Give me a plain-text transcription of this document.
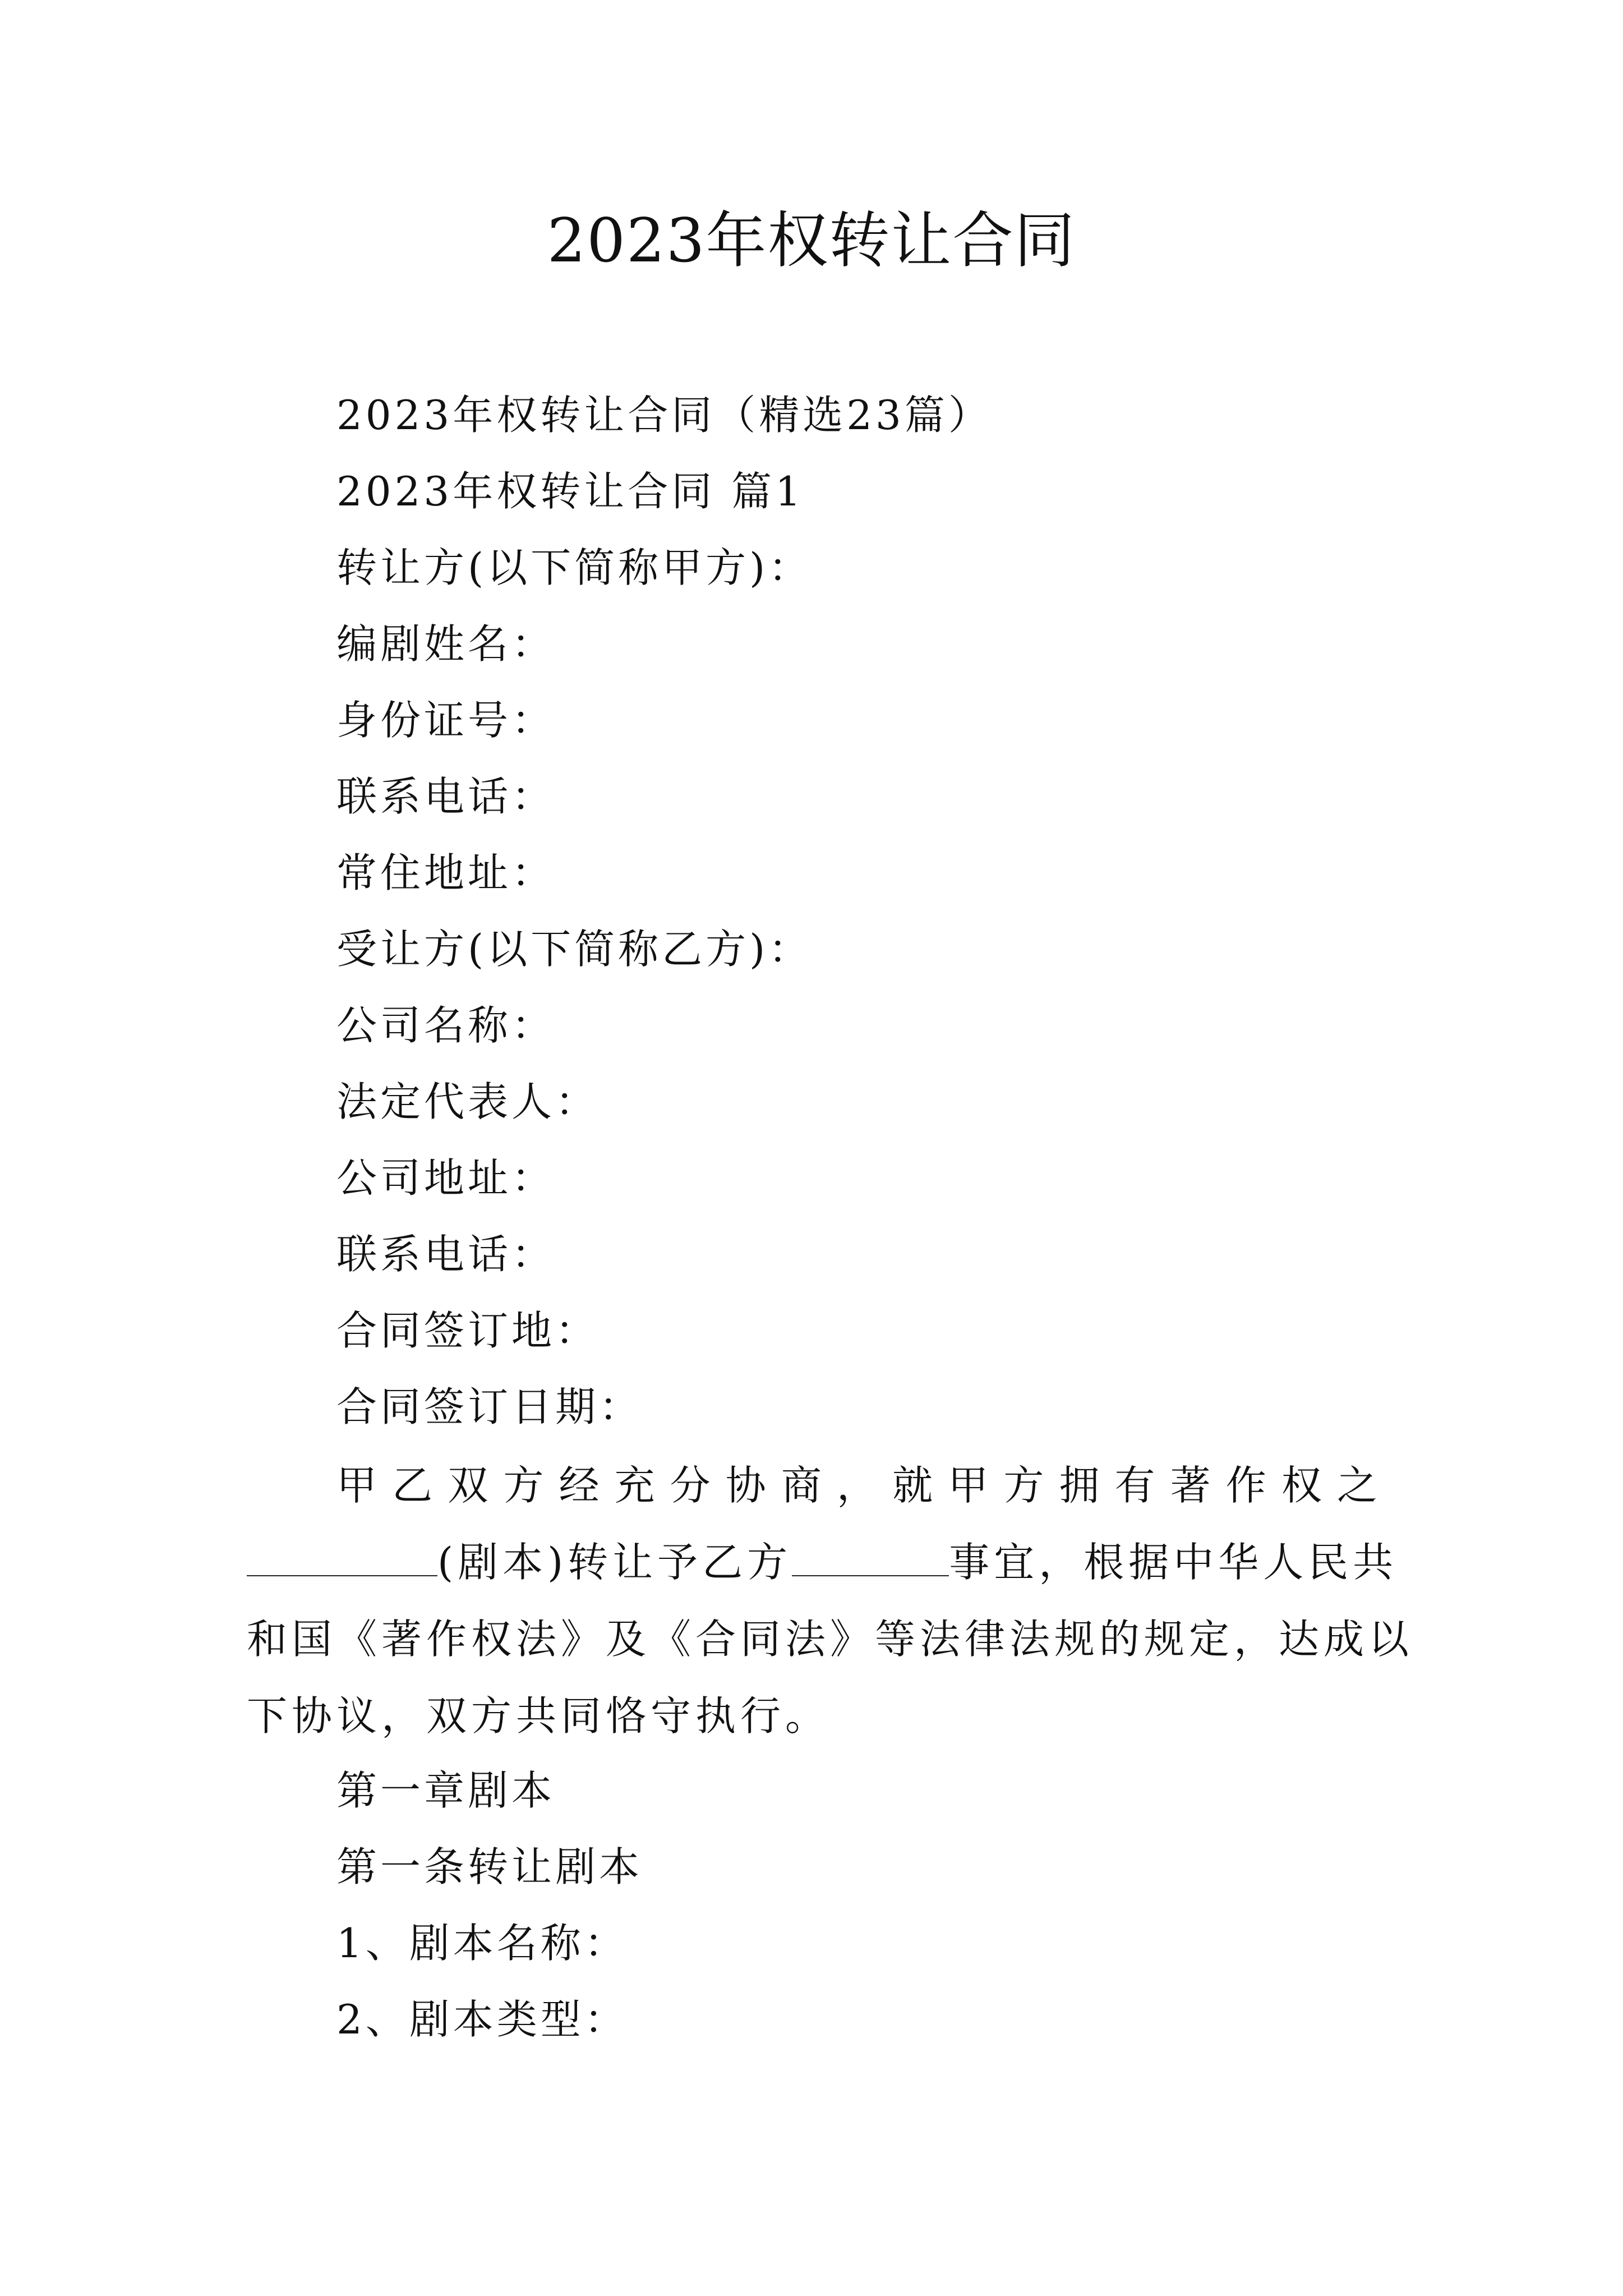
2023年权转让合同
2023年权转让合同（精选23篇）
2023年权转让合同 篇1
转让方(以下简称甲方)：
编剧姓名：
身份证号：
联系电话：
常住地址：
受让方(以下简称乙方)：
公司名称：
法定代表人：
公司地址：
联系电话：
合同签订地：
合同签订日期：
甲乙双方经充分协商，就甲方拥有著作权之
(剧本)转让予乙方	事宜，根据中华人民共
和国《著作权法》及《合同法》等法律法规的规定，达成以
下协议，双方共同恪守执行。
第一章剧本
第一条转让剧本
1、剧本名称：
2、剧本类型：
